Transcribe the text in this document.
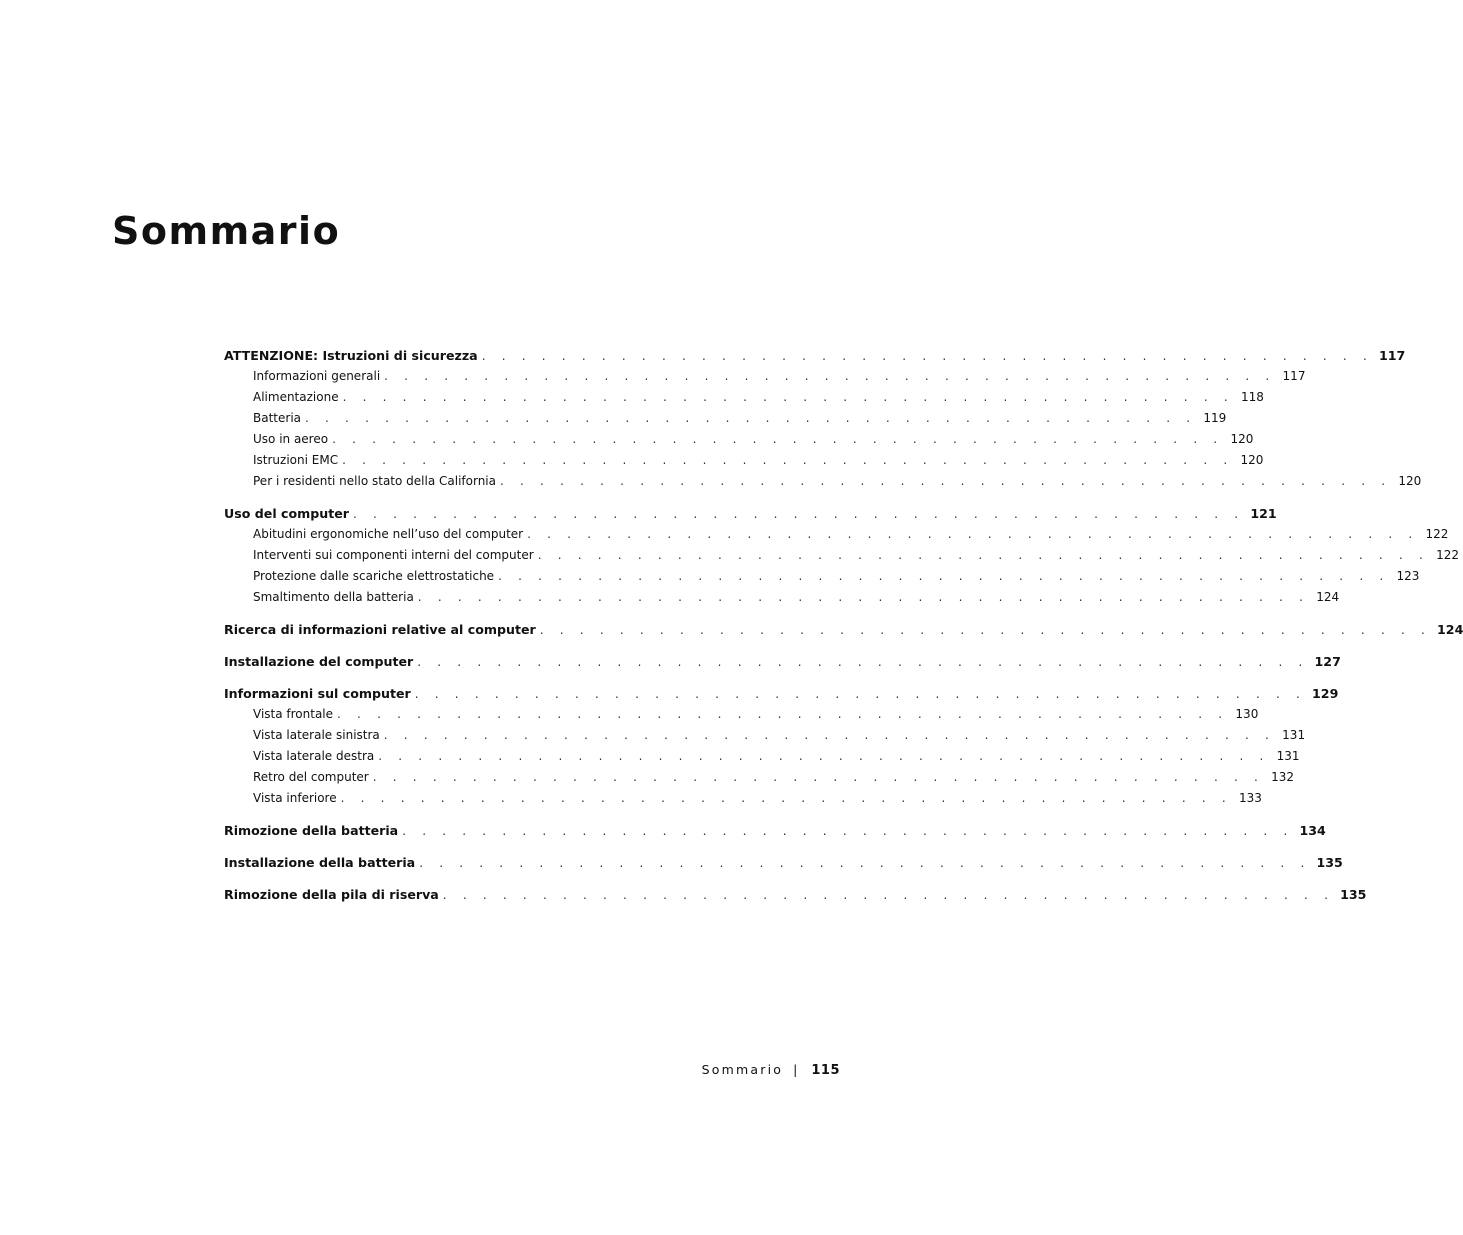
Sommario
ATTENZIONE: Istruzioni di sicurezza . . . . . . . . . . . . . . . . . . . . . . . . . . . . . . . . . . . . . . . . . . . . . 117
Informazioni generali . . . . . . . . . . . . . . . . . . . . . . . . . . . . . . . . . . . . . . . . . . . . . 117
Alimentazione . . . . . . . . . . . . . . . . . . . . . . . . . . . . . . . . . . . . . . . . . . . . . 118
Batteria . . . . . . . . . . . . . . . . . . . . . . . . . . . . . . . . . . . . . . . . . . . . . 119
Uso in aereo . . . . . . . . . . . . . . . . . . . . . . . . . . . . . . . . . . . . . . . . . . . . . 120
Istruzioni EMC . . . . . . . . . . . . . . . . . . . . . . . . . . . . . . . . . . . . . . . . . . . . . 120
Per i residenti nello stato della California . . . . . . . . . . . . . . . . . . . . . . . . . . . . . . . . . . . . . . . . . . . . . 120
Uso del computer . . . . . . . . . . . . . . . . . . . . . . . . . . . . . . . . . . . . . . . . . . . . . 121
Abitudini ergonomiche nell’uso del computer . . . . . . . . . . . . . . . . . . . . . . . . . . . . . . . . . . . . . . . . . . . . . 122
Interventi sui componenti interni del computer . . . . . . . . . . . . . . . . . . . . . . . . . . . . . . . . . . . . . . . . . . . . . 122
Protezione dalle scariche elettrostatiche . . . . . . . . . . . . . . . . . . . . . . . . . . . . . . . . . . . . . . . . . . . . . 123
Smaltimento della batteria . . . . . . . . . . . . . . . . . . . . . . . . . . . . . . . . . . . . . . . . . . . . . 124
Ricerca di informazioni relative al computer . . . . . . . . . . . . . . . . . . . . . . . . . . . . . . . . . . . . . . . . . . . . . 124
Installazione del computer . . . . . . . . . . . . . . . . . . . . . . . . . . . . . . . . . . . . . . . . . . . . . 127
Informazioni sul computer . . . . . . . . . . . . . . . . . . . . . . . . . . . . . . . . . . . . . . . . . . . . . 129
Vista frontale . . . . . . . . . . . . . . . . . . . . . . . . . . . . . . . . . . . . . . . . . . . . . 130
Vista laterale sinistra . . . . . . . . . . . . . . . . . . . . . . . . . . . . . . . . . . . . . . . . . . . . . 131
Vista laterale destra . . . . . . . . . . . . . . . . . . . . . . . . . . . . . . . . . . . . . . . . . . . . . 131
Retro del computer . . . . . . . . . . . . . . . . . . . . . . . . . . . . . . . . . . . . . . . . . . . . . 132
Vista inferiore . . . . . . . . . . . . . . . . . . . . . . . . . . . . . . . . . . . . . . . . . . . . . 133
Rimozione della batteria . . . . . . . . . . . . . . . . . . . . . . . . . . . . . . . . . . . . . . . . . . . . . 134
Installazione della batteria . . . . . . . . . . . . . . . . . . . . . . . . . . . . . . . . . . . . . . . . . . . . . 135
Rimozione della pila di riserva . . . . . . . . . . . . . . . . . . . . . . . . . . . . . . . . . . . . . . . . . . . . . 135
Sommario | 115
